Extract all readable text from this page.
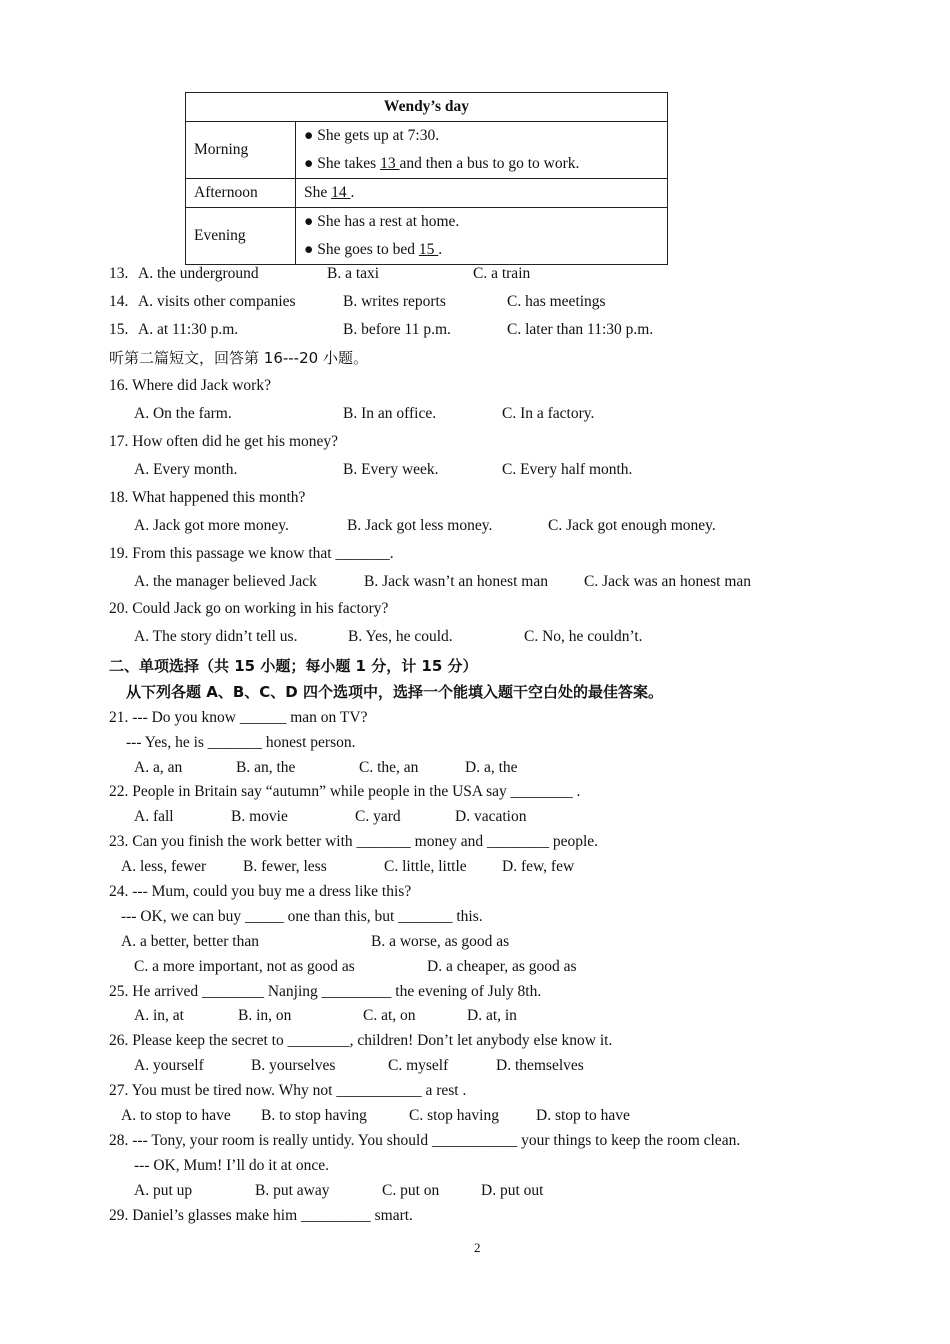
Wendy’s day	
Morning	● She gets up at 7:30.
● She takes 13 and then a bus to go to work.

Afternoon	She 14 .
Evening	● She has a rest at home.
● She goes to bed 15 .
13. A. the underground	B. a taxi	C. a train
14. A. visits other companies	B. writes reports	C. has meetings
15. A. at 11:30 p.m.	B. before 11 p.m.	C. later than 11:30 p.m.
听第二篇短文，回答第 16---20 小题。
16. Where did Jack work?
A. On the farm.	B. In an office.	C. In a factory.
17. How often did he get his money?
A. Every month.	B. Every week.	C. Every half month.
18. What happened this month?
A. Jack got more money.	B. Jack got less money.	C. Jack got enough money.
19. From this passage we know that _______.
A. the manager believed Jack	B. Jack wasn’t an honest man C. Jack was an honest man
20. Could Jack go on working in his factory?
A. The story didn’t tell us.	B. Yes, he could.	C. No, he couldn’t.
二、单项选择（共 15 小题；每小题 1 分，计 15 分）
从下列各题 A、B、C、D 四个选项中，选择一个能填入题干空白处的最佳答案。
21. --- Do you know ______ man on TV?
--- Yes, he is _______ honest person.
A. a, an	B. an, the	C. the, an	D. a, the
22. People in Britain say “autumn” while people in the USA say ________ .
A. fall	B. movie	C. yard	D. vacation
23. Can you finish the work better with _______ money and ________ people.
A. less, fewer B. fewer, less	C. little, little D. few, few
24. --- Mum, could you buy me a dress like this?
--- OK, we can buy _____ one than this, but _______ this.
A. a better, better than	B. a worse, as good as
C. a more important, not as good as	D. a cheaper, as good as
25. He arrived ________ Nanjing _________ the evening of July 8th.
A. in, at	B. in, on	C. at, on	D. at, in
26. Please keep the secret to ________, children! Don’t let anybody else know it.
A. yourself	B. yourselves	C. myself	D. themselves
27. You must be tired now. Why not ___________ a rest .
A. to stop to have B. to stop having	C. stop having D. stop to have
28. --- Tony, your room is really untidy. You should ___________ your things to keep the room clean.
--- OK, Mum! I’ll do it at once.
A. put up	B. put away	C. put on	D. put out
29. Daniel’s glasses make him _________ smart.
2
